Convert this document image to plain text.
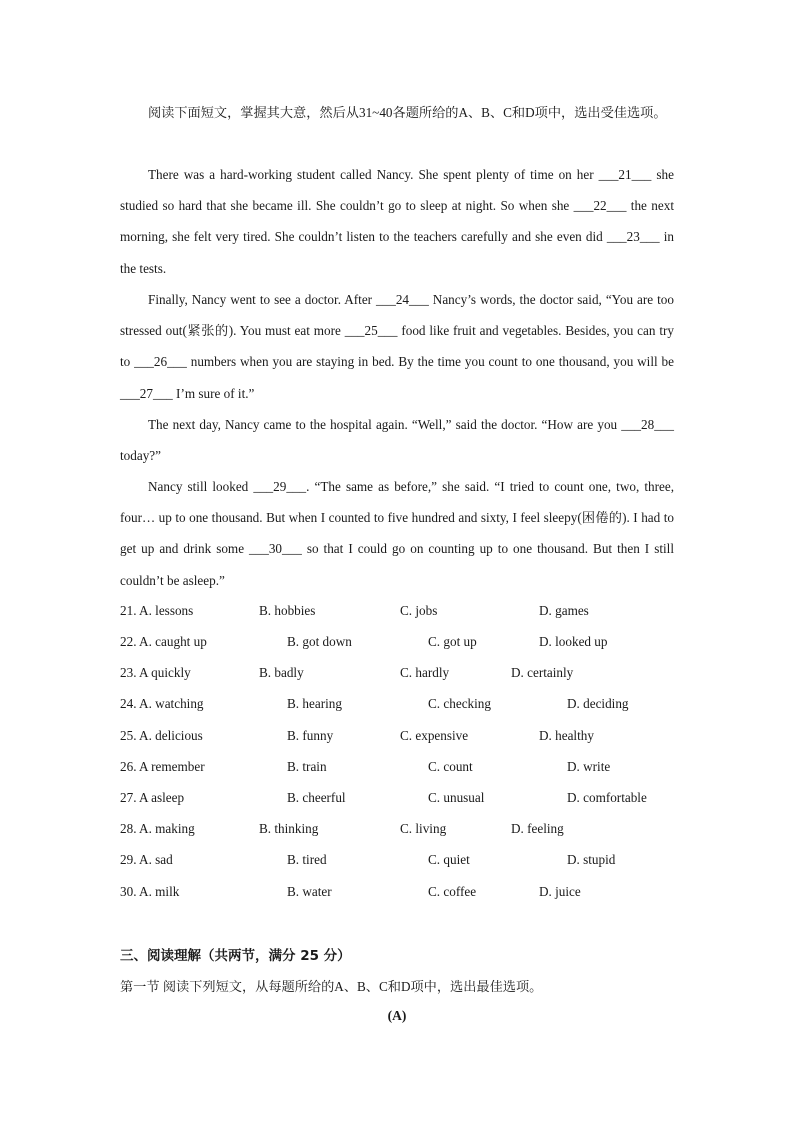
阅读下面短文，掌握其大意，然后从31~40各题所给的A、B、C和D项中，选出受佳选项。

There was a hard-working student called Nancy. She spent plenty of time on her ___21___ she studied so hard that she became ill. She couldn’t go to sleep at night. So when she ___22___ the next morning, she felt very tired. She couldn’t listen to the teachers carefully and she even did ___23___ in the tests.

Finally, Nancy went to see a doctor. After ___24___ Nancy’s words, the doctor said, “You are too stressed out(紧张的). You must eat more ___25___ food like fruit and vegetables. Besides, you can try to ___26___ numbers when you are staying in bed. By the time you count to one thousand, you will be ___27___ I’m sure of it.”

The next day, Nancy came to the hospital again. “Well,” said the doctor. “How are you ___28___ today?”

Nancy still looked ___29___. “The same as before,” she said. “I tried to count one, two, three, four… up to one thousand. But when I counted to five hundred and sixty, I feel sleepy(困倦的). I had to get up and drink some ___30___ so that I could go on counting up to one thousand. But then I still couldn’t be asleep.”

21. A. lessons	B. hobbies	C. jobs	D. games
22. A. caught up	B. got down	C. got up	D. looked up
23. A quickly	B. badly	C. hardly	D. certainly
24. A. watching	B. hearing	C. checking	D. deciding
25. A. delicious	B. funny	C. expensive	D. healthy
26. A remember	B. train	C. count	D. write
27. A asleep	B. cheerful	C. unusual	D. comfortable
28. A. making	B. thinking	C. living	D. feeling
29. A. sad	B. tired	C. quiet	D. stupid
30. A. milk	B. water	C. coffee	D. juice
三、阅读理解（共两节，满分 25 分）
第一节 阅读下列短文，从每题所给的A、B、C和D项中，选出最佳选项。
(A)
